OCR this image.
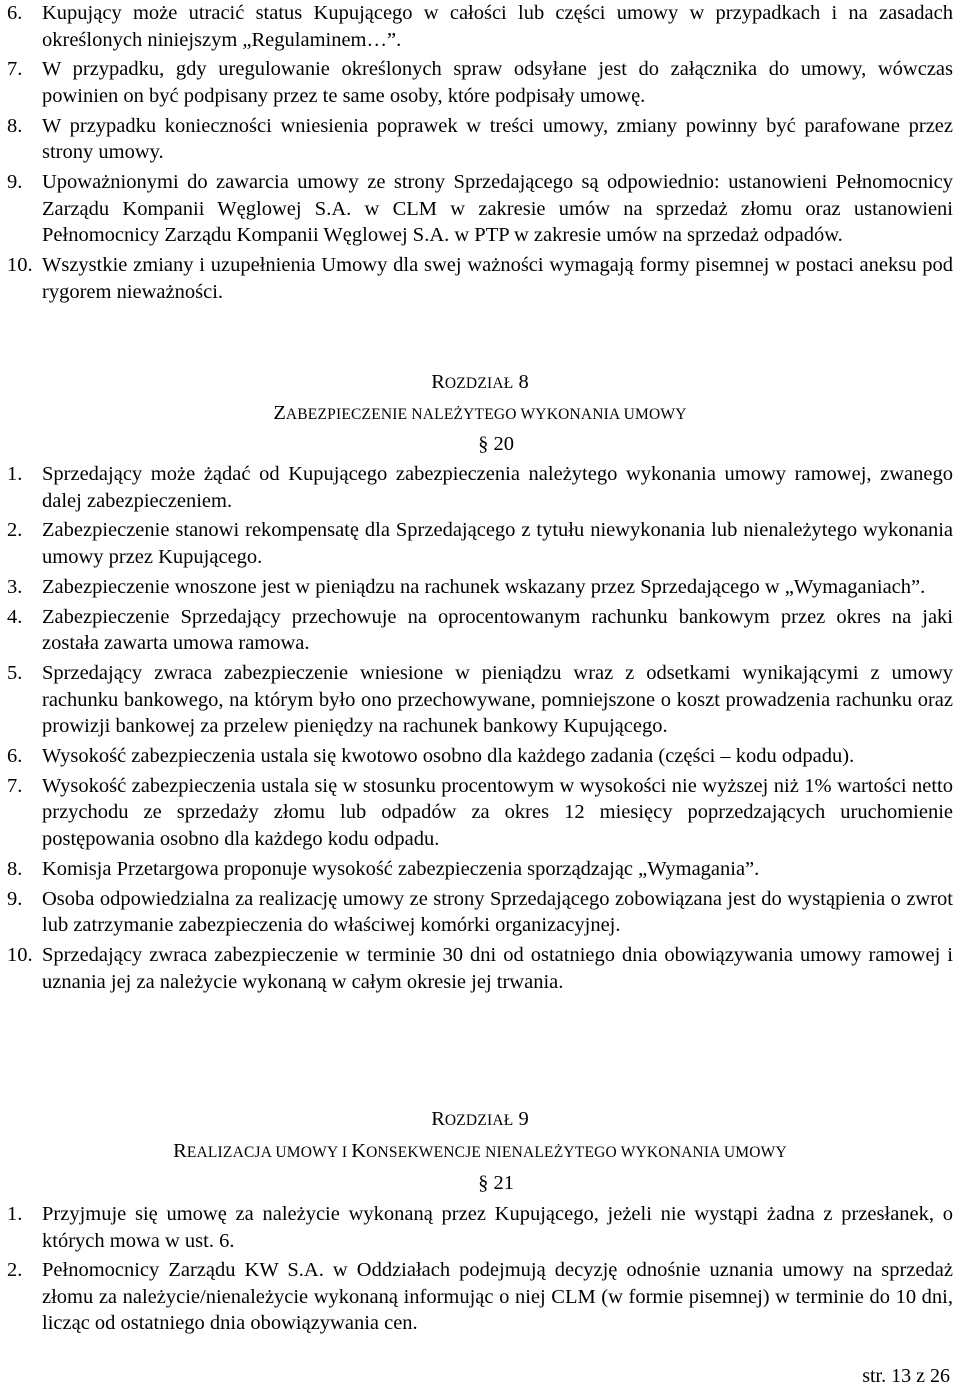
6. Kupujący może utracić status Kupującego w całości lub części umowy w przypadkach i na zasadach określonych niniejszym „Regulaminem…”.
7. W przypadku, gdy uregulowanie określonych spraw odsyłane jest do załącznika do umowy, wówczas powinien on być podpisany przez te same osoby, które podpisały umowę.
8. W przypadku konieczności wniesienia poprawek w treści umowy, zmiany powinny być parafowane przez strony umowy.
9. Upoważnionymi do zawarcia umowy ze strony Sprzedającego są odpowiednio: ustanowieni Pełnomocnicy Zarządu Kompanii Węglowej S.A. w CLM w zakresie umów na sprzedaż złomu oraz ustanowieni Pełnomocnicy Zarządu Kompanii Węglowej S.A. w PTP w zakresie umów na sprzedaż odpadów.
10. Wszystkie zmiany i uzupełnienia Umowy dla swej ważności wymagają formy pisemnej w postaci aneksu pod rygorem nieważności.
ROZDZIAŁ 8
ZABEZPIECZENIE NALEŻYTEGO WYKONANIA UMOWY
§ 20
1. Sprzedający może żądać od Kupującego zabezpieczenia należytego wykonania umowy ramowej, zwanego dalej zabezpieczeniem.
2. Zabezpieczenie stanowi rekompensatę dla Sprzedającego z tytułu niewykonania lub nienależytego wykonania umowy przez Kupującego.
3. Zabezpieczenie wnoszone jest w pieniądzu na rachunek wskazany przez Sprzedającego w „Wymaganiach”.
4. Zabezpieczenie Sprzedający przechowuje na oprocentowanym rachunku bankowym przez okres na jaki została zawarta umowa ramowa.
5. Sprzedający zwraca zabezpieczenie wniesione w pieniądzu wraz z odsetkami wynikającymi z umowy rachunku bankowego, na którym było ono przechowywane, pomniejszone o koszt prowadzenia rachunku oraz prowizji bankowej za przelew pieniędzy na rachunek bankowy Kupującego.
6. Wysokość zabezpieczenia ustala się kwotowo osobno dla każdego zadania (części – kodu odpadu).
7. Wysokość zabezpieczenia ustala się w stosunku procentowym w wysokości nie wyższej niż 1% wartości netto przychodu ze sprzedaży złomu lub odpadów za okres 12 miesięcy poprzedzających uruchomienie postępowania osobno dla każdego kodu odpadu.
8. Komisja Przetargowa proponuje wysokość zabezpieczenia sporządzając „Wymagania”.
9. Osoba odpowiedzialna za realizację umowy ze strony Sprzedającego zobowiązana jest do wystąpienia o zwrot lub zatrzymanie zabezpieczenia do właściwej komórki organizacyjnej.
10. Sprzedający zwraca zabezpieczenie w terminie 30 dni od ostatniego dnia obowiązywania umowy ramowej i uznania jej za należycie wykonaną w całym okresie jej trwania.
ROZDZIAŁ 9
REALIZACJA UMOWY I KONSEKWENCJE NIENALEŻYTEGO WYKONANIA UMOWY
§ 21
1. Przyjmuje się umowę za należycie wykonaną przez Kupującego, jeżeli nie wystąpi żadna z przesłanek, o których mowa w ust. 6.
2. Pełnomocnicy Zarządu KW S.A. w Oddziałach podejmują decyzję odnośnie uznania umowy na sprzedaż złomu za należycie/nienależycie wykonaną informując o niej CLM (w formie pisemnej) w terminie do 10 dni, licząc od ostatniego dnia obowiązywania cen.
str. 13 z 26
